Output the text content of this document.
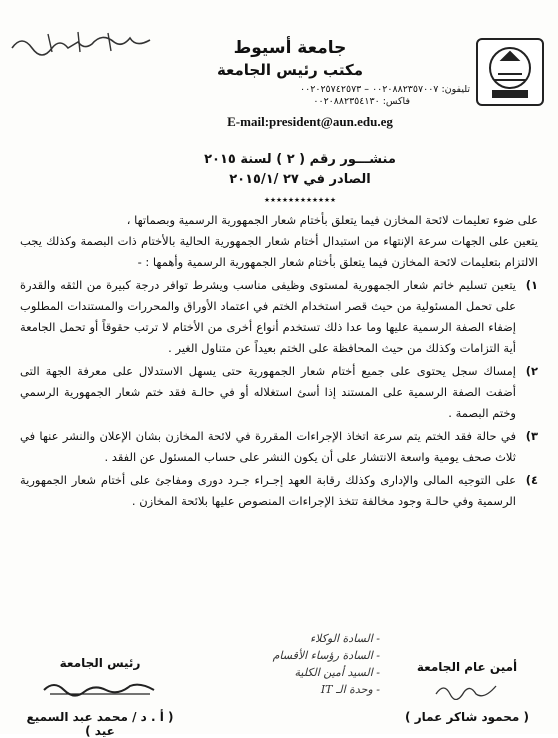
جامعة أسيوط
مكتب رئيس الجامعة
تليفون: ٠٠٢٠٨٨٢٣٥٧٠٠٧ – ٠٠٢٠٢٥٧٤٢٥٧٣
فاكس: ٠٠٢٠٨٨٢٣٥٤١٣٠
E-mail:president@aun.edu.eg
منشـــور رقم ( ٢ ) لسنة ٢٠١٥
الصادر في ٢٧ /٢٠١٥/١
٭٭٭٭٭٭٭٭٭٭٭٭

على ضوء تعليمات لائحة المخازن فيما يتعلق بأختام شعار الجمهورية الرسمية وبصماتها ،

يتعين على الجهات سرعة الإنتهاء من استبدال أختام شعار الجمهورية الحالية بالأختام ذات البصمة وكذلك يجب الالتزام بتعليمات لائحة المخازن فيما يتعلق بأختام شعار الجمهورية الرسمية وأهمها : -

١)
يتعين تسليم خاتم شعار الجمهورية لمستوى وظيفى مناسب ويشرط توافر درجة كبيرة من الثقه والقدرة على تحمل المسئولية من حيث قصر استخدام الختم في اعتماد الأوراق والمحررات والمستندات المطلوب إضفاء الصفة الرسمية عليها وما عدا ذلك تستخدم أنواع أخرى من الأختام لا ترتب حقوقاً أو تحمل الجامعة أية التزامات وكذلك من حيث المحافظة على الختم بعيداً عن متناول الغير .
٢)
إمساك سجل يحتوى على جميع أختام شعار الجمهورية حتى يسهل الاستدلال على معرفة الجهة التى أضفت الصفة الرسمية على المستند إذا أسئ استغلاله أو في حالـة فقد ختم شعار الجمهورية الرسمي وختم البصمة .
٣)
في حالة فقد الختم يتم سرعة اتخاذ الإجراءات المقررة في لائحة المخازن بشان الإعلان والنشر عنها في ثلاث صحف يومية واسعة الانتشار على أن يكون النشر على حساب المسئول عن الفقد .
٤)
على التوجيه المالى والإدارى وكذلك رقابة العهد إجـراء جـرد دورى ومفاجئ على أختام شعار الجمهورية الرسمية وفي حالـة وجود مخالفة تتخذ الإجراءات المنصوص عليها بلائحة المخازن .
- السادة الوكلاء
- السادة رؤساء الأقسام
- السيد أمين الكلية
- وحدة الـ IT
أمين عام الجامعة
( محمود شاكر عمار )
رئيس الجامعة
( أ . د / محمد عبد السميع عيد )
